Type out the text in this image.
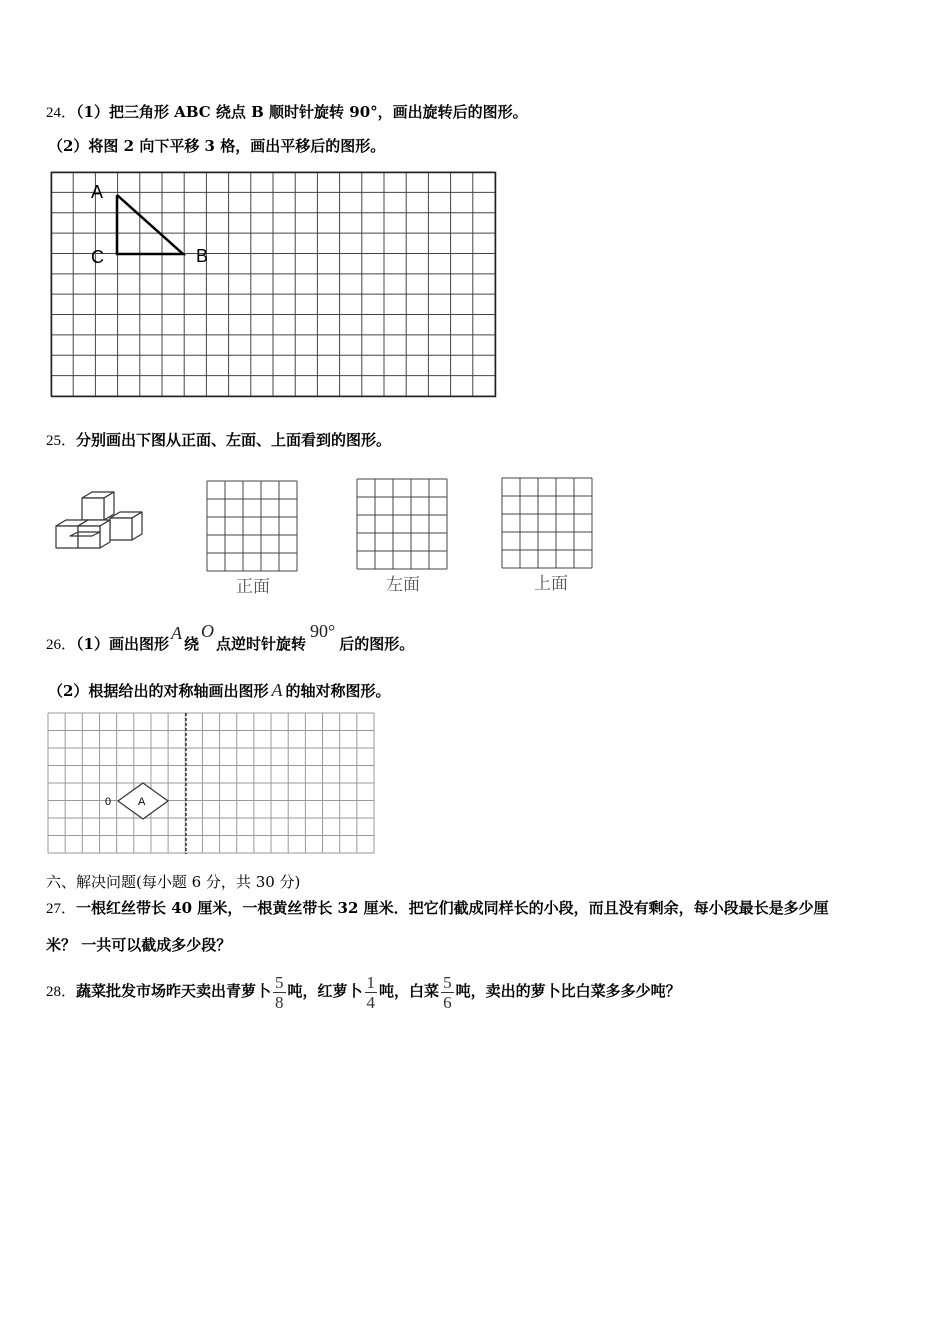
24．（1）把三角形 ABC 绕点 B 顺时针旋转 90°，画出旋转后的图形。
（2）将图 2 向下平移 3 格，画出平移后的图形。
A
C	B
25．分别画出下图从正面、左面、上面看到的图形。
正面	左面	上面
26．（1）画出图形A绕O点逆时针旋转90°后的图形。
（2）根据给出的对称轴画出图形 A 的轴对称图形。
0 A
六、解决问题(每小题 6 分，共 30 分)
27．一根红丝带长 40 厘米，一根黄丝带长 32 厘米．把它们截成同样长的小段，而且没有剩余，每小段最长是多少厘
米？ 一共可以截成多少段？
28．蔬菜批发市场昨天卖出青萝卜 $\frac{5}{8}$ 吨，红萝卜 $\frac{1}{4}$ 吨，白菜 $\frac{5}{6}$ 吨，卖出的萝卜比白菜多多少吨？
